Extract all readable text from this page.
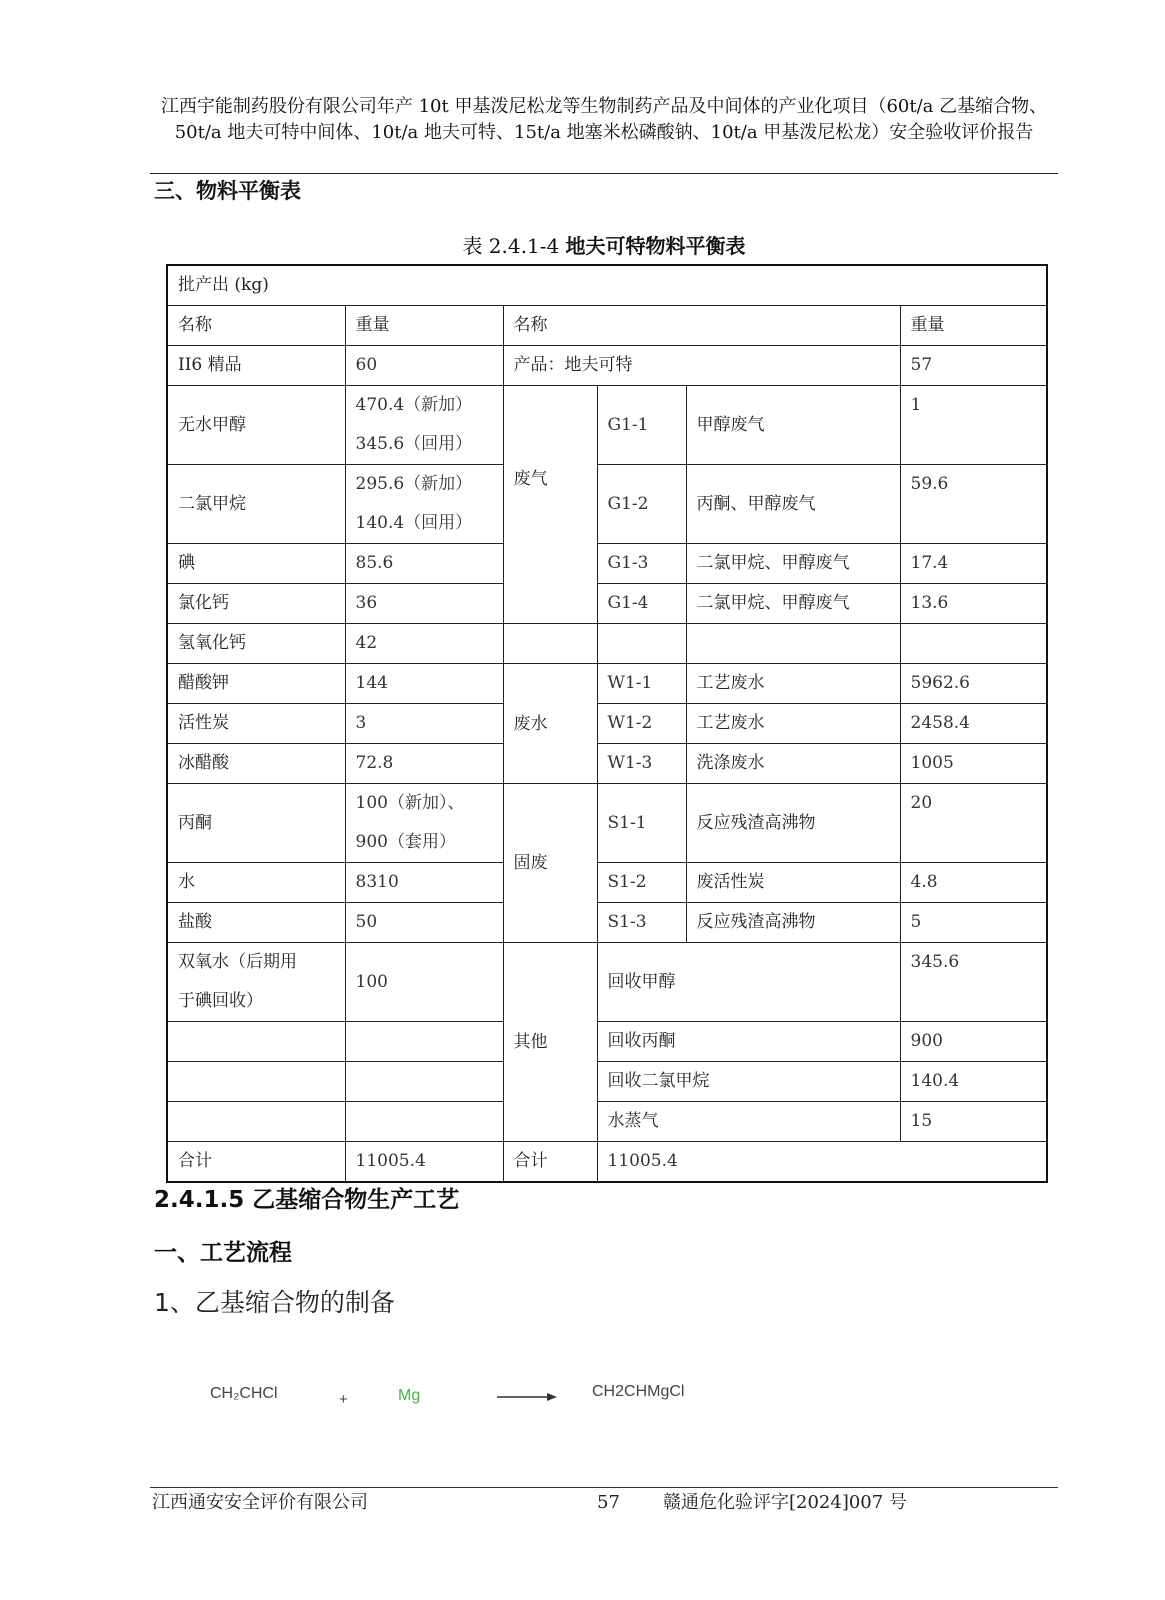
江西宇能制药股份有限公司年产 10t 甲基泼尼松龙等生物制药产品及中间体的产业化项目（60t/a 乙基缩合物、50t/a 地夫可特中间体、10t/a 地夫可特、15t/a 地塞米松磷酸钠、10t/a 甲基泼尼松龙）安全验收评价报告
三、物料平衡表
表 2.4.1-4 地夫可特物料平衡表
批产出 (kg)					
名称	重量	名称			重量
II6 精品	60	产品：地夫可特			57
无水甲醇	470.4（新加）
345.6（回用）	废气	G1-1	甲醇废气	1
二氯甲烷	295.6（新加）
140.4（回用）		G1-2	丙酮、甲醇废气	59.6
碘	85.6		G1-3	二氯甲烷、甲醇废气	17.4
氯化钙	36		G1-4	二氯甲烷、甲醇废气	13.6
氢氧化钙	42				
醋酸钾	144	废水	W1-1	工艺废水	5962.6
活性炭	3		W1-2	工艺废水	2458.4
冰醋酸	72.8		W1-3	洗涤废水	1005
丙酮	100（新加）、
900（套用）	固废	S1-1	反应残渣高沸物	20
水	8310		S1-2	废活性炭	4.8
盐酸	50		S1-3	反应残渣高沸物	5

双氧水（后期用
于碘回收）	100	其他	回收甲醇		345.6
			回收丙酮		900
			回收二氯甲烷		140.4
			水蒸气		15
合计	11005.4	合计	11005.4		
2.4.1.5 乙基缩合物生产工艺
一、工艺流程
1、乙基缩合物的制备
CH₂CHCl	+	Mg	CH2CHMgCl
江西通安安全评价有限公司	57 赣通危化验评字[2024]007 号
